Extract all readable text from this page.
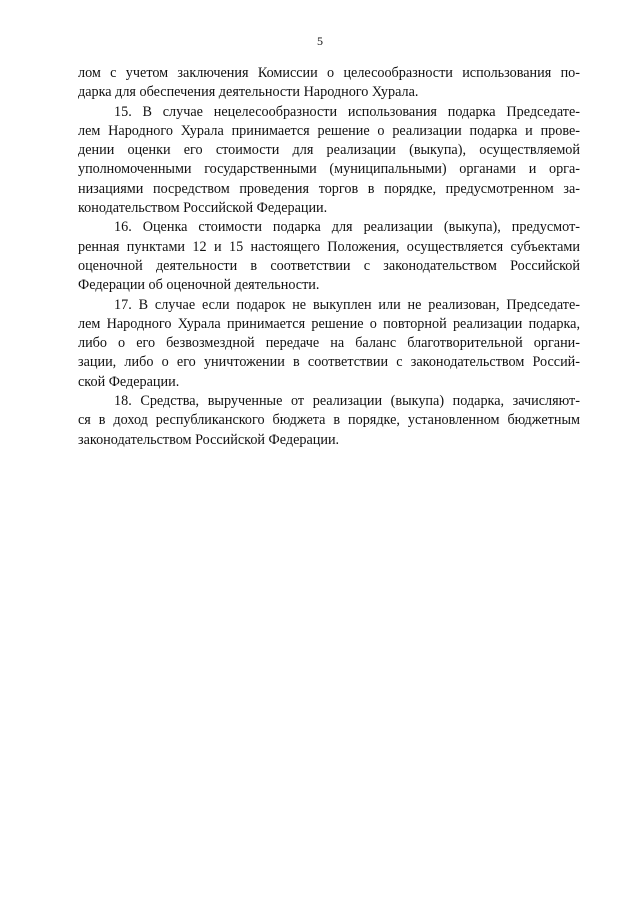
5
лом с учетом заключения Комиссии о целесообразности использования по-
дарка для обеспечения деятельности Народного Хурала.
15. В случае нецелесообразности использования подарка Председате-
лем Народного Хурала принимается решение о реализации подарка и прове-
дении оценки его стоимости для реализации (выкупа), осуществляемой
уполномоченными государственными (муниципальными) органами и орга-
низациями посредством проведения торгов в порядке, предусмотренном за-
конодательством Российской Федерации.
16. Оценка стоимости подарка для реализации (выкупа), предусмот-
ренная пунктами 12 и 15 настоящего Положения, осуществляется субъектами
оценочной деятельности в соответствии с законодательством Российской
Федерации об оценочной деятельности.
17. В случае если подарок не выкуплен или не реализован, Председате-
лем Народного Хурала принимается решение о повторной реализации подарка,
либо о его безвозмездной передаче на баланс благотворительной органи-
зации, либо о его уничтожении в соответствии с законодательством Россий-
ской Федерации.
18. Средства, вырученные от реализации (выкупа) подарка, зачисляют-
ся в доход республиканского бюджета в порядке, установленном бюджетным
законодательством Российской Федерации.
